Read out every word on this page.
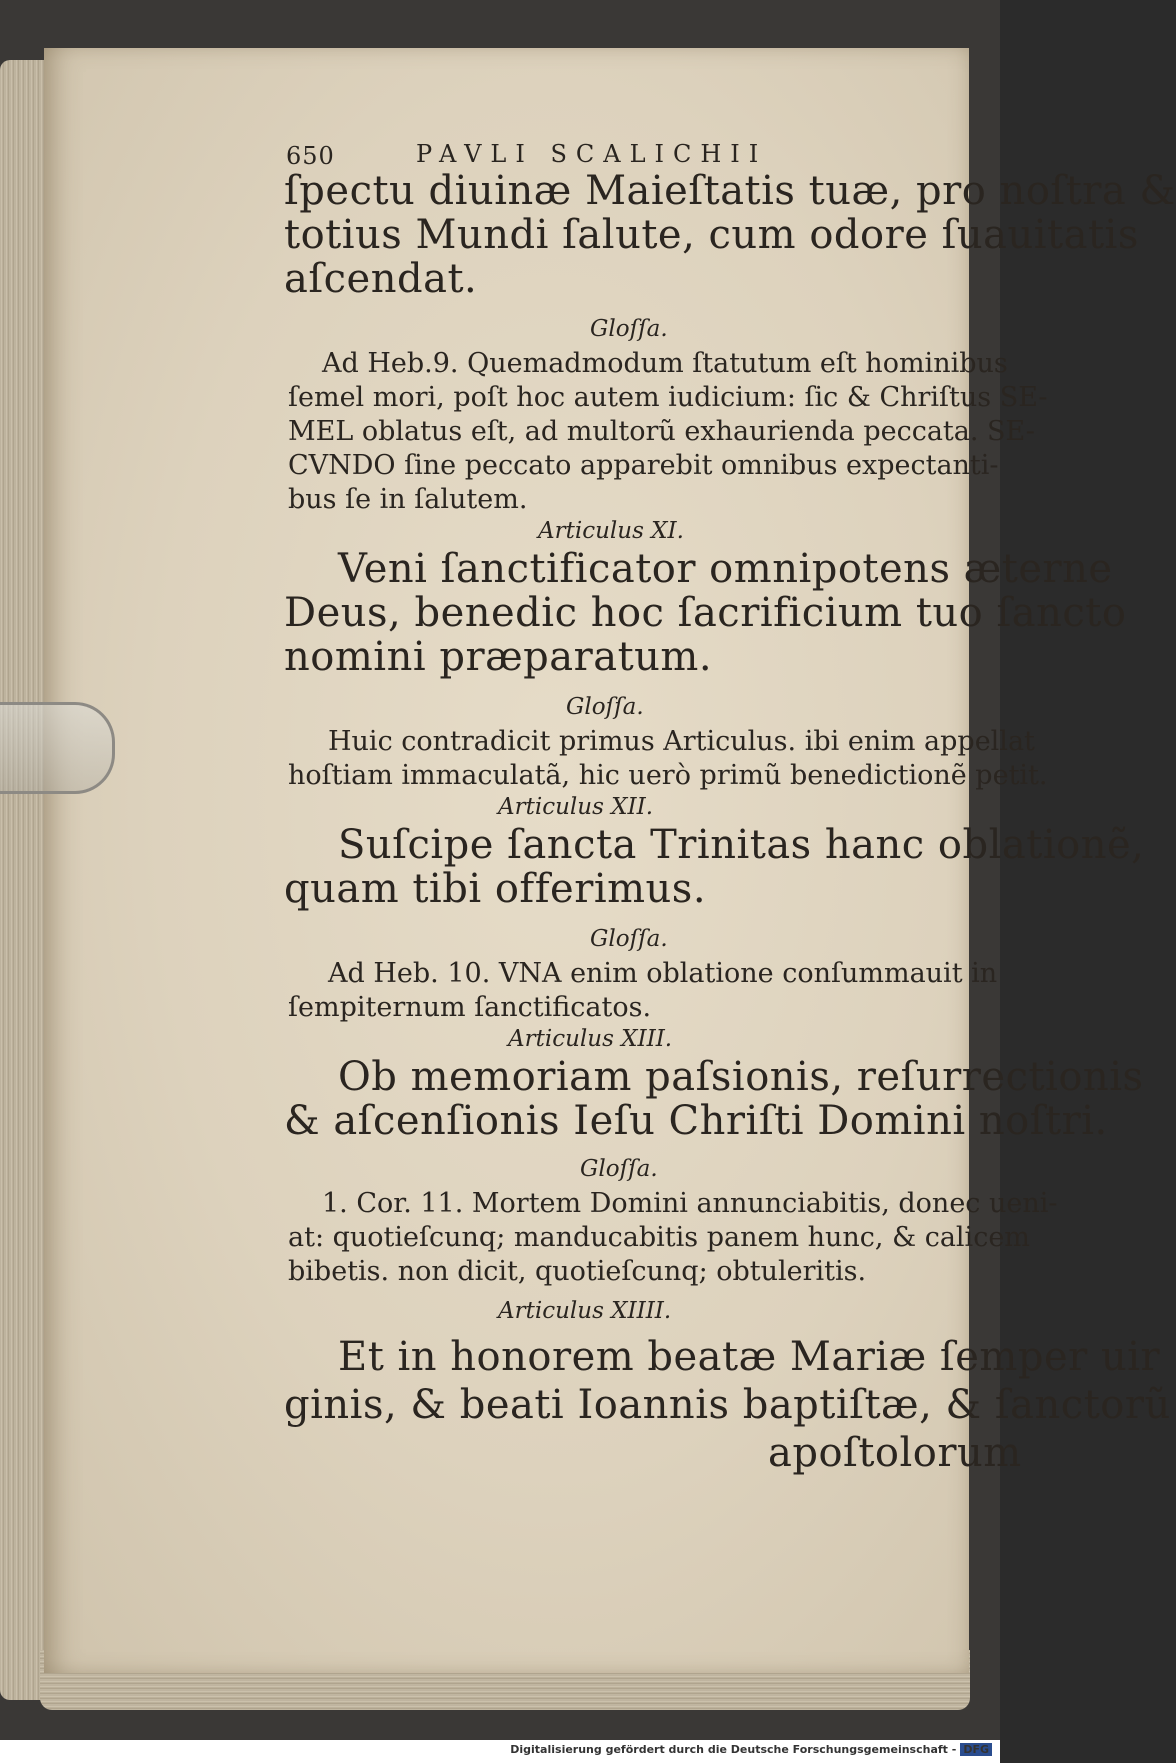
650	PAVLI SCALICHII
ſpectu diuinæ Maieſtatis tuæ, pro noſtra &
totius Mundi ſalute, cum odore ſuauitatis
aſcendat.
Gloſſa.
Ad Heb.9. Quemadmodum ſtatutum eſt hominibus
ſemel mori, poſt hoc autem iudicium: ſic & Chriſtus SE-
MEL oblatus eſt, ad multorũ exhaurienda peccata. SE-
CVNDO ſine peccato apparebit omnibus expectanti-
bus ſe in ſalutem.
Articulus XI.
Veni ſanctificator omnipotens æterne
Deus, benedic hoc ſacrificium tuo ſancto
nomini præparatum.
Gloſſa.
Huic contradicit primus Articulus. ibi enim appellat
hoſtiam immaculatã, hic uerò primũ benedictionẽ petit.
Articulus XII.
Suſcipe ſancta Trinitas hanc oblationẽ,
quam tibi offerimus.
Gloſſa.
Ad Heb. 10. VNA enim oblatione conſummauit in
ſempiternum ſanctificatos.
Articulus XIII.
Ob memoriam paſsionis, reſurrectionis
& aſcenſionis Ieſu Chriſti Domini noſtri.
Gloſſa.
1. Cor. 11. Mortem Domini annunciabitis, donec ueni-
at: quotieſcunq; manducabitis panem hunc, & calicem
bibetis. non dicit, quotieſcunq; obtuleritis.
Articulus XIIII.
Et in honorem beatæ Mariæ ſemper uir
ginis, & beati Ioannis baptiſtæ, & ſanctorũ
apoſtolorum
Digitalisierung gefördert durch die Deutsche Forschungsgemeinschaft - DFG
